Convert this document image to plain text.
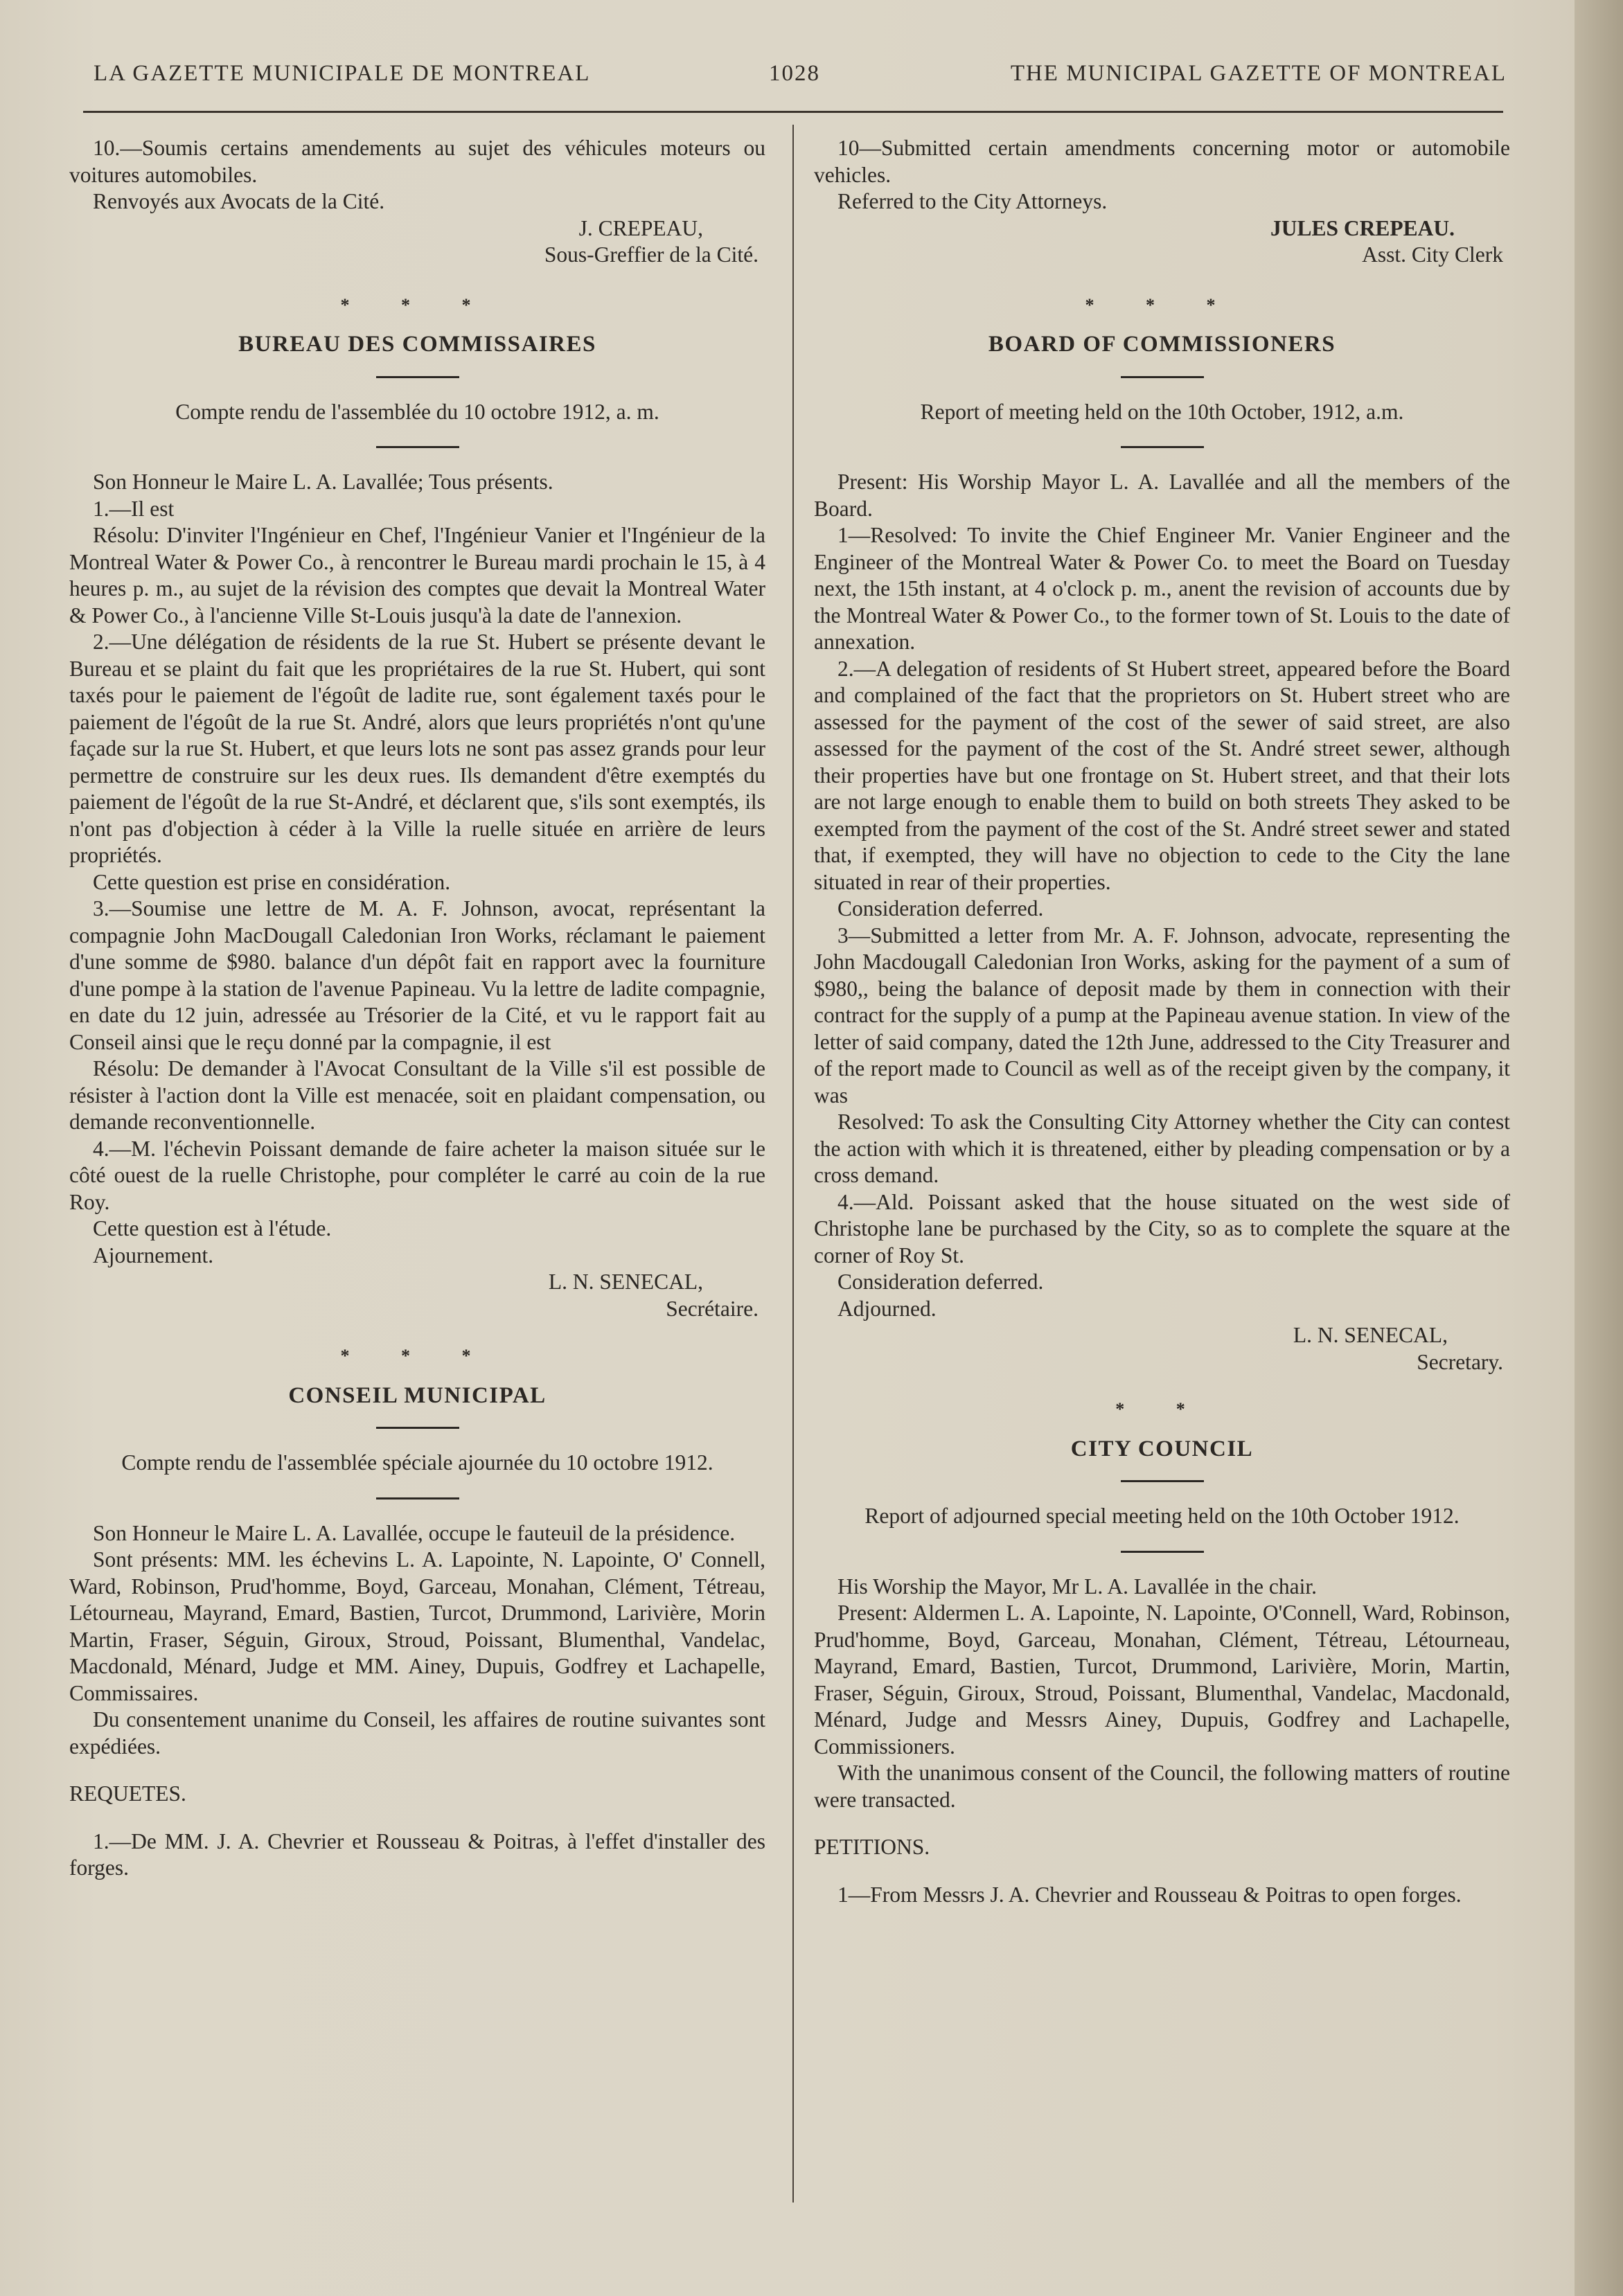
LA GAZETTE MUNICIPALE DE MONTREAL	1028	THE MUNICIPAL GAZETTE OF MONTREAL

10.—Soumis certains amendements au sujet des véhicules moteurs ou voitures automobiles.

Renvoyés aux Avocats de la Cité.

J. CREPEAU,

Sous-Greffier de la Cité.

* * *

BUREAU DES COMMISSAIRES

Compte rendu de l'assemblée du 10 octobre 1912, a. m.

Son Honneur le Maire L. A. Lavallée; Tous présents.

1.—Il est

Résolu: D'inviter l'Ingénieur en Chef, l'Ingénieur Vanier et l'Ingénieur de la Montreal Water & Power Co., à rencontrer le Bureau mardi prochain le 15, à 4 heures p. m., au sujet de la révision des comptes que devait la Montreal Water & Power Co., à l'ancienne Ville St-Louis jusqu'à la date de l'annexion.

2.—Une délégation de résidents de la rue St. Hubert se présente devant le Bureau et se plaint du fait que les propriétaires de la rue St. Hubert, qui sont taxés pour le paiement de l'égoût de ladite rue, sont également taxés pour le paiement de l'égoût de la rue St. André, alors que leurs propriétés n'ont qu'une façade sur la rue St. Hubert, et que leurs lots ne sont pas assez grands pour leur permettre de construire sur les deux rues. Ils demandent d'être exemptés du paiement de l'égoût de la rue St-André, et déclarent que, s'ils sont exemptés, ils n'ont pas d'objection à céder à la Ville la ruelle située en arrière de leurs propriétés.

Cette question est prise en considération.

3.—Soumise une lettre de M. A. F. Johnson, avocat, représentant la compagnie John MacDougall Caledonian Iron Works, réclamant le paiement d'une somme de $980. balance d'un dépôt fait en rapport avec la fourniture d'une pompe à la station de l'avenue Papineau. Vu la lettre de ladite compagnie, en date du 12 juin, adressée au Trésorier de la Cité, et vu le rapport fait au Conseil ainsi que le reçu donné par la compagnie, il est

Résolu: De demander à l'Avocat Consultant de la Ville s'il est possible de résister à l'action dont la Ville est menacée, soit en plaidant compensation, ou demande reconventionnelle.

4.—M. l'échevin Poissant demande de faire acheter la maison située sur le côté ouest de la ruelle Christophe, pour compléter le carré au coin de la rue Roy.

Cette question est à l'étude.

Ajournement.

L. N. SENECAL,

Secrétaire.

* * *

CONSEIL MUNICIPAL

Compte rendu de l'assemblée spéciale ajournée du 10 octobre 1912.

Son Honneur le Maire L. A. Lavallée, occupe le fauteuil de la présidence.

Sont présents: MM. les échevins L. A. Lapointe, N. Lapointe, O' Connell, Ward, Robinson, Prud'homme, Boyd, Garceau, Monahan, Clément, Tétreau, Létourneau, Mayrand, Emard, Bastien, Turcot, Drummond, Larivière, Morin Martin, Fraser, Séguin, Giroux, Stroud, Poissant, Blumenthal, Vandelac, Macdonald, Ménard, Judge et MM. Ainey, Dupuis, Godfrey et Lachapelle, Commissaires.

Du consentement unanime du Conseil, les affaires de routine suivantes sont expédiées.

REQUETES.

1.—De MM. J. A. Chevrier et Rousseau & Poitras, à l'effet d'installer des forges.

10—Submitted certain amendments concerning motor or automobile vehicles.

Referred to the City Attorneys.

JULES CREPEAU.

Asst. City Clerk

* * *

BOARD OF COMMISSIONERS

Report of meeting held on the 10th October, 1912, a.m.

Present: His Worship Mayor L. A. Lavallée and all the members of the Board.

1—Resolved: To invite the Chief Engineer Mr. Vanier Engineer and the Engineer of the Montreal Water & Power Co. to meet the Board on Tuesday next, the 15th instant, at 4 o'clock p. m., anent the revision of accounts due by the Montreal Water & Power Co., to the former town of St. Louis to the date of annexation.

2.—A delegation of residents of St Hubert street, appeared before the Board and complained of the fact that the proprietors on St. Hubert street who are assessed for the payment of the cost of the sewer of said street, are also assessed for the payment of the cost of the St. André street sewer, although their properties have but one frontage on St. Hubert street, and that their lots are not large enough to enable them to build on both streets They asked to be exempted from the payment of the cost of the St. André street sewer and stated that, if exempted, they will have no objection to cede to the City the lane situated in rear of their properties.

Consideration deferred.

3—Submitted a letter from Mr. A. F. Johnson, advocate, representing the John Macdougall Caledonian Iron Works, asking for the payment of a sum of $980,, being the balance of deposit made by them in connection with their contract for the supply of a pump at the Papineau avenue station. In view of the letter of said company, dated the 12th June, addressed to the City Treasurer and of the report made to Council as well as of the receipt given by the company, it was

Resolved: To ask the Consulting City Attorney whether the City can contest the action with which it is threatened, either by pleading compensation or by a cross demand.

4.—Ald. Poissant asked that the house situated on the west side of Christophe lane be purchased by the City, so as to complete the square at the corner of Roy St.

Consideration deferred.

Adjourned.

L. N. SENECAL,

Secretary.

* *

CITY COUNCIL

Report of adjourned special meeting held on the 10th October 1912.

His Worship the Mayor, Mr L. A. Lavallée in the chair.

Present: Aldermen L. A. Lapointe, N. Lapointe, O'Connell, Ward, Robinson, Prud'homme, Boyd, Garceau, Monahan, Clément, Tétreau, Létourneau, Mayrand, Emard, Bastien, Turcot, Drummond, Larivière, Morin, Martin, Fraser, Séguin, Giroux, Stroud, Poissant, Blumenthal, Vandelac, Macdonald, Ménard, Judge and Messrs Ainey, Dupuis, Godfrey and Lachapelle, Commissioners.

With the unanimous consent of the Council, the following matters of routine were transacted.

PETITIONS.

1—From Messrs J. A. Chevrier and Rousseau & Poitras to open forges.
